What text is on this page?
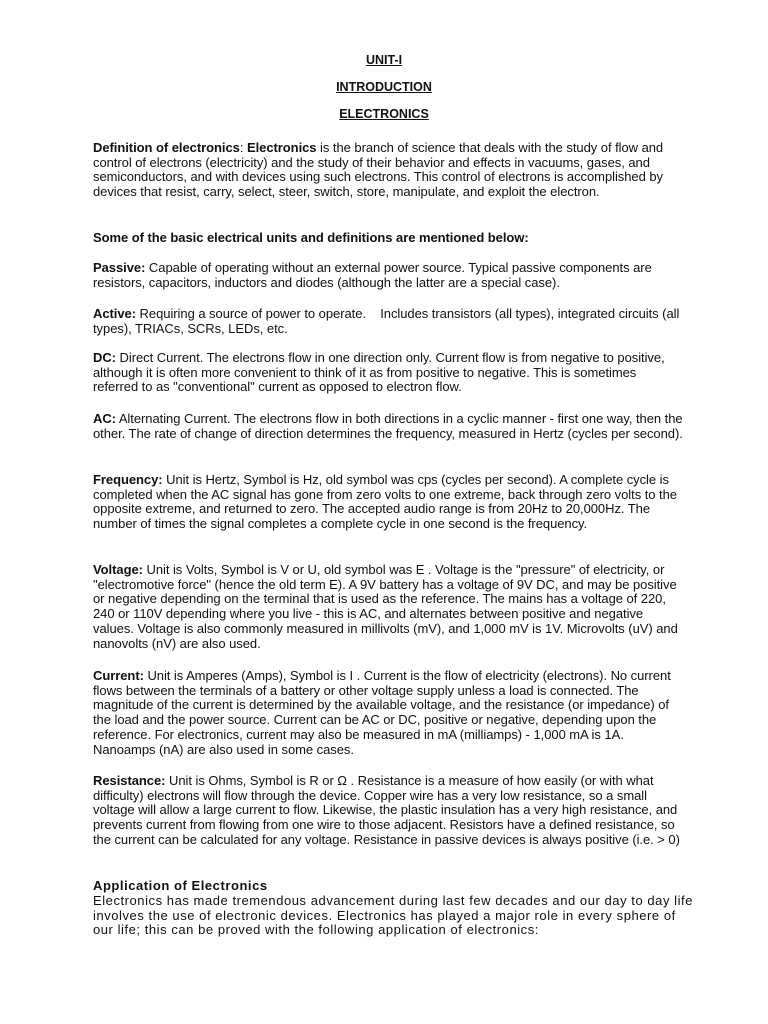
UNIT-I
INTRODUCTION
ELECTRONICS
Definition of electronics: Electronics is the branch of science that deals with the study of flow and control of electrons (electricity) and the study of their behavior and effects in vacuums, gases, and semiconductors, and with devices using such electrons. This control of electrons is accomplished by devices that resist, carry, select, steer, switch, store, manipulate, and exploit the electron.
Some of the basic electrical units and definitions are mentioned below:
Passive: Capable of operating without an external power source. Typical passive components are resistors, capacitors, inductors and diodes (although the latter are a special case).
Active: Requiring a source of power to operate.    Includes transistors (all types), integrated circuits (all types), TRIACs, SCRs, LEDs, etc.
DC: Direct Current. The electrons flow in one direction only. Current flow is from negative to positive, although it is often more convenient to think of it as from positive to negative. This is sometimes referred to as "conventional" current as opposed to electron flow.
AC: Alternating Current. The electrons flow in both directions in a cyclic manner - first one way, then the other. The rate of change of direction determines the frequency, measured in Hertz (cycles per second).
Frequency: Unit is Hertz, Symbol is Hz, old symbol was cps (cycles per second). A complete cycle is completed when the AC signal has gone from zero volts to one extreme, back through zero volts to the opposite extreme, and returned to zero. The accepted audio range is from 20Hz to 20,000Hz. The number of times the signal completes a complete cycle in one second is the frequency.
Voltage: Unit is Volts, Symbol is V or U, old symbol was E . Voltage is the "pressure" of electricity, or "electromotive force" (hence the old term E). A 9V battery has a voltage of 9V DC, and may be positive or negative depending on the terminal that is used as the reference. The mains has a voltage of 220, 240 or 110V depending where you live - this is AC, and alternates between positive and negative values. Voltage is also commonly measured in millivolts (mV), and 1,000 mV is 1V. Microvolts (uV) and nanovolts (nV) are also used.
Current: Unit is Amperes (Amps), Symbol is I . Current is the flow of electricity (electrons). No current flows between the terminals of a battery or other voltage supply unless a load is connected. The magnitude of the current is determined by the available voltage, and the resistance (or impedance) of the load and the power source. Current can be AC or DC, positive or negative, depending upon the reference. For electronics, current may also be measured in mA (milliamps) - 1,000 mA is 1A. Nanoamps (nA) are also used in some cases.
Resistance: Unit is Ohms, Symbol is R or Ω . Resistance is a measure of how easily (or with what difficulty) electrons will flow through the device. Copper wire has a very low resistance, so a small voltage will allow a large current to flow. Likewise, the plastic insulation has a very high resistance, and prevents current from flowing from one wire to those adjacent. Resistors have a defined resistance, so the current can be calculated for any voltage. Resistance in passive devices is always positive (i.e. > 0)
Application of Electronics
Electronics has made tremendous advancement during last few decades and our day to day life involves the use of electronic devices. Electronics has played a major role in every sphere of our life; this can be proved with the following application of electronics:
